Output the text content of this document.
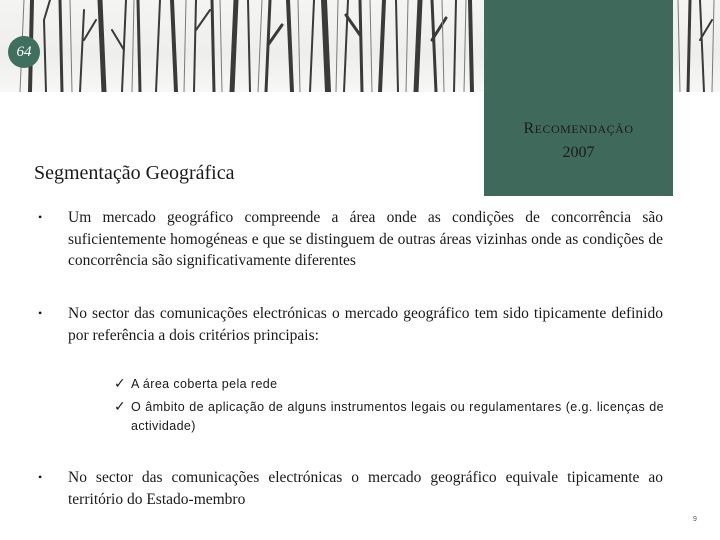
64
RECOMENDAÇÃO
2007
Segmentação Geográfica
• Um mercado geográfico compreende a área onde as condições de concorrência são suficientemente homogéneas e que se distinguem de outras áreas vizinhas onde as condições de concorrência são significativamente diferentes
• No sector das comunicações electrónicas o mercado geográfico tem sido tipicamente definido por referência a dois critérios principais:
✓ A área coberta pela rede
✓ O âmbito de aplicação de alguns instrumentos legais ou regulamentares (e.g. licenças de actividade)
• No sector das comunicações electrónicas o mercado geográfico equivale tipicamente ao território do Estado-membro
9
